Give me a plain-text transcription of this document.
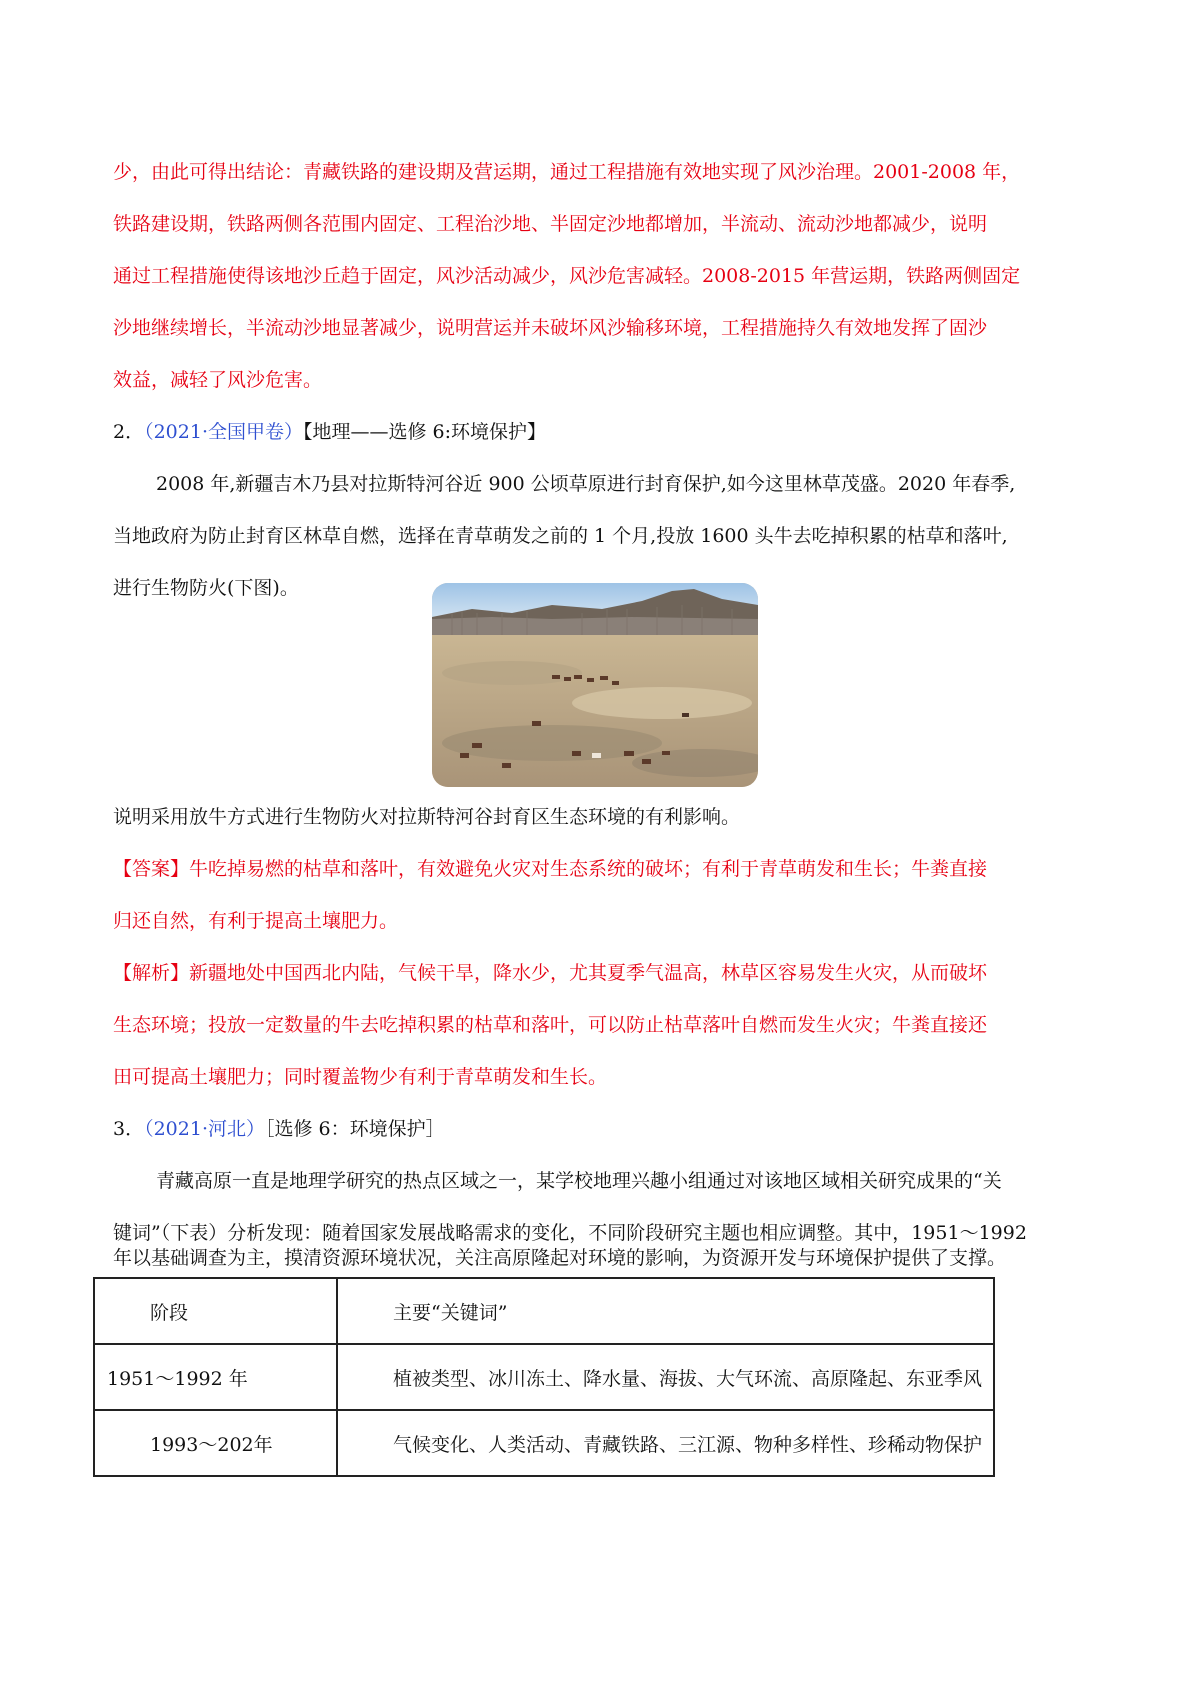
少，由此可得出结论：青藏铁路的建设期及营运期，通过工程措施有效地实现了风沙治理。2001-2008 年，
铁路建设期，铁路两侧各范围内固定、工程治沙地、半固定沙地都增加，半流动、流动沙地都减少，说明
通过工程措施使得该地沙丘趋于固定，风沙活动减少，风沙危害减轻。2008-2015 年营运期，铁路两侧固定
沙地继续增长，半流动沙地显著减少，说明营运并未破坏风沙输移环境，工程措施持久有效地发挥了固沙
效益，减轻了风沙危害。
2．（2021·全国甲卷）【地理——选修 6:环境保护】
2008 年,新疆吉木乃县对拉斯特河谷近 900 公顷草原进行封育保护,如今这里林草茂盛。2020 年春季,
当地政府为防止封育区林草自燃，选择在青草萌发之前的 1 个月,投放 1600 头牛去吃掉积累的枯草和落叶,
进行生物防火(下图)。
说明采用放牛方式进行生物防火对拉斯特河谷封育区生态环境的有利影响。
【答案】牛吃掉易燃的枯草和落叶，有效避免火灾对生态系统的破坏；有利于青草萌发和生长；牛粪直接
归还自然，有利于提高土壤肥力。
【解析】新疆地处中国西北内陆，气候干旱，降水少，尤其夏季气温高，林草区容易发生火灾，从而破坏
生态环境；投放一定数量的牛去吃掉积累的枯草和落叶，可以防止枯草落叶自燃而发生火灾；牛粪直接还
田可提高土壤肥力；同时覆盖物少有利于青草萌发和生长。
3．（2021·河北）［选修 6：环境保护］
青藏高原一直是地理学研究的热点区域之一，某学校地理兴趣小组通过对该地区域相关研究成果的“关
键词”（下表）分析发现：随着国家发展战略需求的变化，不同阶段研究主题也相应调整。其中，1951～1992
年以基础调查为主，摸清资源环境状况，关注高原隆起对环境的影响，为资源开发与环境保护提供了支撑。
阶段	主要“关键词”
1951～1992 年	植被类型、冰川冻土、降水量、海拔、大气环流、高原隆起、东亚季风
1993～202年	气候变化、人类活动、青藏铁路、三江源、物种多样性、珍稀动物保护
